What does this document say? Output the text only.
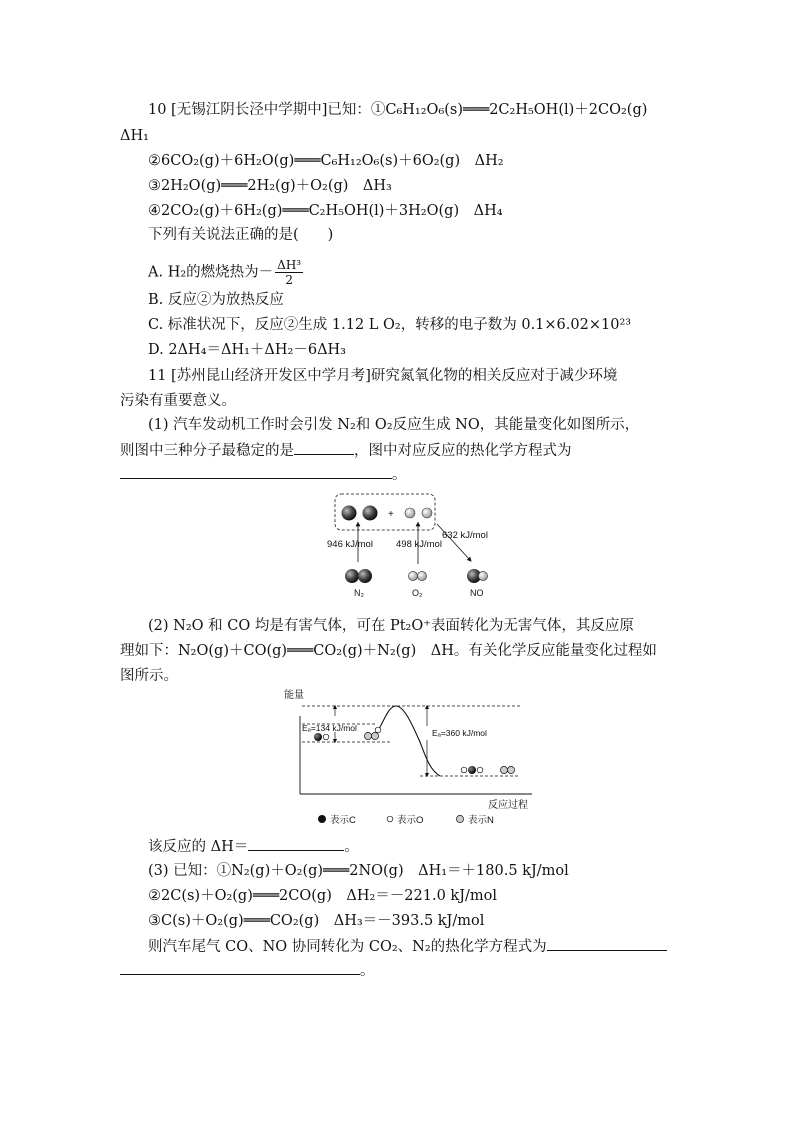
10 [无锡江阴长泾中学期中]已知：①C₆H₁₂O₆(s)═══2C₂H₅OH(l)＋2CO₂(g)
ΔH₁
②6CO₂(g)＋6H₂O(g)═══C₆H₁₂O₆(s)＋6O₂(g)　ΔH₂
③2H₂O(g)═══2H₂(g)＋O₂(g)　ΔH₃
④2CO₂(g)＋6H₂(g)═══C₂H₅OH(l)＋3H₂O(g)　ΔH₄
下列有关说法正确的是(　　)
A. H₂的燃烧热为－ $\frac{\text{ΔH³}}{2}$
B. 反应②为放热反应
C. 标准状况下，反应②生成 1.12 L O₂，转移的电子数为 0.1×6.02×10²³
D. 2ΔH₄＝ΔH₁＋ΔH₂－6ΔH₃
11 [苏州昆山经济开发区中学月考]研究氮氧化物的相关反应对于减少环境
污染有重要意义。
(1) 汽车发动机工作时会引发 N₂和 O₂反应生成 NO，其能量变化如图所示，
则图中三种分子最稳定的是	，图中对应反应的热化学方程式为
。
+
946 kJ/mol 498 kJ/mol
632 kJ/mol
N₂	O₂	NO
(2) N₂O 和 CO 均是有害气体，可在 Pt₂O⁺表面转化为无害气体，其反应原
理如下：N₂O(g)＋CO(g)═══CO₂(g)＋N₂(g)　ΔH。有关化学反应能量变化过程如
图所示。
能量
Eₐ=134 kJ/mol	Eₐ=360 kJ/mol
反应过程
表示C	表示O	表示N
该反应的 ΔH＝	。
(3) 已知：①N₂(g)＋O₂(g)═══2NO(g)　ΔH₁＝＋180.5 kJ/mol
②2C(s)＋O₂(g)═══2CO(g)　ΔH₂＝－221.0 kJ/mol
③C(s)＋O₂(g)═══CO₂(g)　ΔH₃＝－393.5 kJ/mol
则汽车尾气 CO、NO 协同转化为 CO₂、N₂的热化学方程式为
。
